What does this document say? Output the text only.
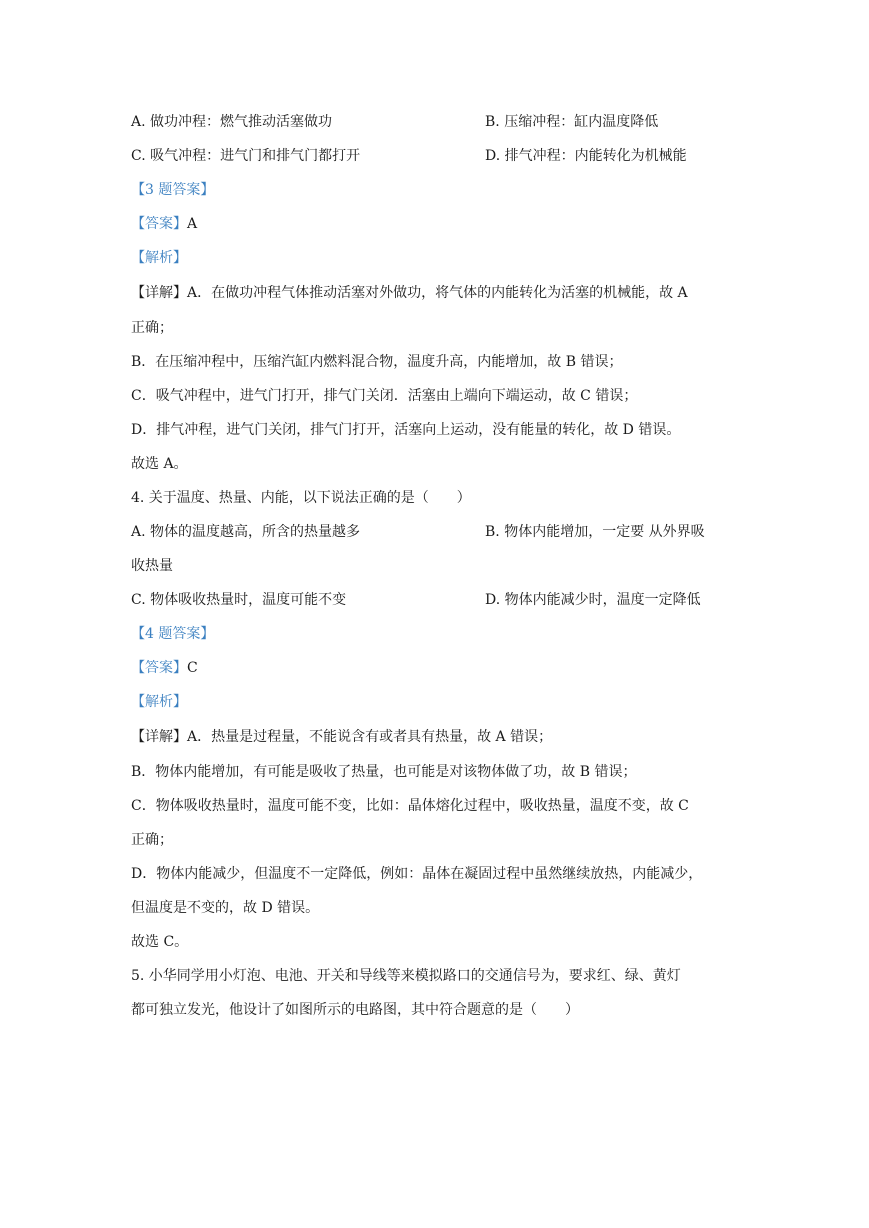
A. 做功冲程：燃气推动活塞做功	B. 压缩冲程：缸内温度降低
C. 吸气冲程：进气门和排气门都打开	D. 排气冲程：内能转化为机械能
【3 题答案】
【答案】A
【解析】
【详解】A．在做功冲程气体推动活塞对外做功，将气体的内能转化为活塞的机械能，故 A
正确；
B．在压缩冲程中，压缩汽缸内燃料混合物，温度升高，内能增加，故 B 错误；
C．吸气冲程中，进气门打开，排气门关闭．活塞由上端向下端运动，故 C 错误；
D．排气冲程，进气门关闭，排气门打开，活塞向上运动，没有能量的转化，故 D 错误。
故选 A。
4. 关于温度、热量、内能，以下说法正确的是（　　）
A. 物体的温度越高，所含的热量越多	B. 物体内能增加，一定要 从外界吸
收热量
C. 物体吸收热量时，温度可能不变	D. 物体内能减少时，温度一定降低
【4 题答案】
【答案】C
【解析】
【详解】A．热量是过程量，不能说含有或者具有热量，故 A 错误；
B．物体内能增加，有可能是吸收了热量，也可能是对该物体做了功，故 B 错误；
C．物体吸收热量时，温度可能不变，比如：晶体熔化过程中，吸收热量，温度不变，故 C
正确；
D．物体内能减少，但温度不一定降低，例如：晶体在凝固过程中虽然继续放热，内能减少，
但温度是不变的，故 D 错误。
故选 C。
5. 小华同学用小灯泡、电池、开关和导线等来模拟路口的交通信号为，要求红、绿、黄灯
都可独立发光，他设计了如图所示的电路图，其中符合题意的是（　　）
